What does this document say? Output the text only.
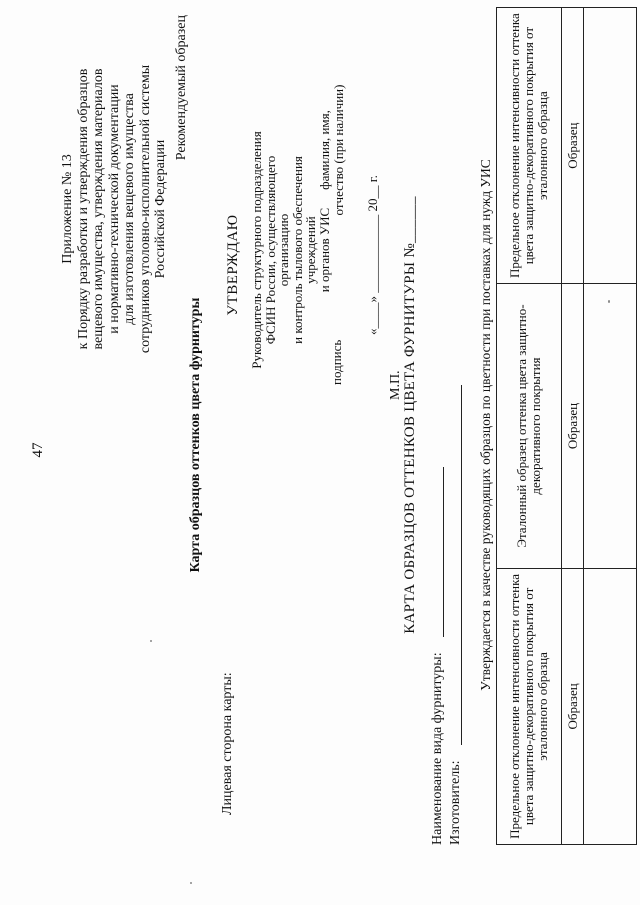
47
Приложение № 13 к Порядку разработки и утверждения образцов вещевого имущества, утверждения материалов и нормативно-технической документации для изготовления вещевого имущества сотрудников уголовно-исполнительной системы Российской Федерации
Рекомендуемый образец
Карта образцов оттенков цвета фурнитуры
Лицевая сторона карты:
УТВЕРЖДАЮ Руководитель структурного подразделения
ФСИН России, осуществляющего организацию
и контроль тылового обеспечения учреждений
и органов УИС
подпись
фамилия, имя, отчество (при наличии)
«____» ____________ 20__ г.
М.П. КАРТА ОБРАЗЦОВ ОТТЕНКОВ ЦВЕТА ФУРНИТУРЫ №______
Наименование вида фурнитуры: Изготовитель:
Утверждается в качестве руководящих образцов по цветности при поставках для нужд УИС
Предельное отклонение интенсивности оттенка цвета защитно-декоративного покрытия от эталонного образца	Эталонный образец оттенка цвета защитно-декоративного покрытия	Предельное отклонение интенсивности оттенка цвета защитно-декоративного покрытия от эталонного образца
Образец	Образец	Образец
